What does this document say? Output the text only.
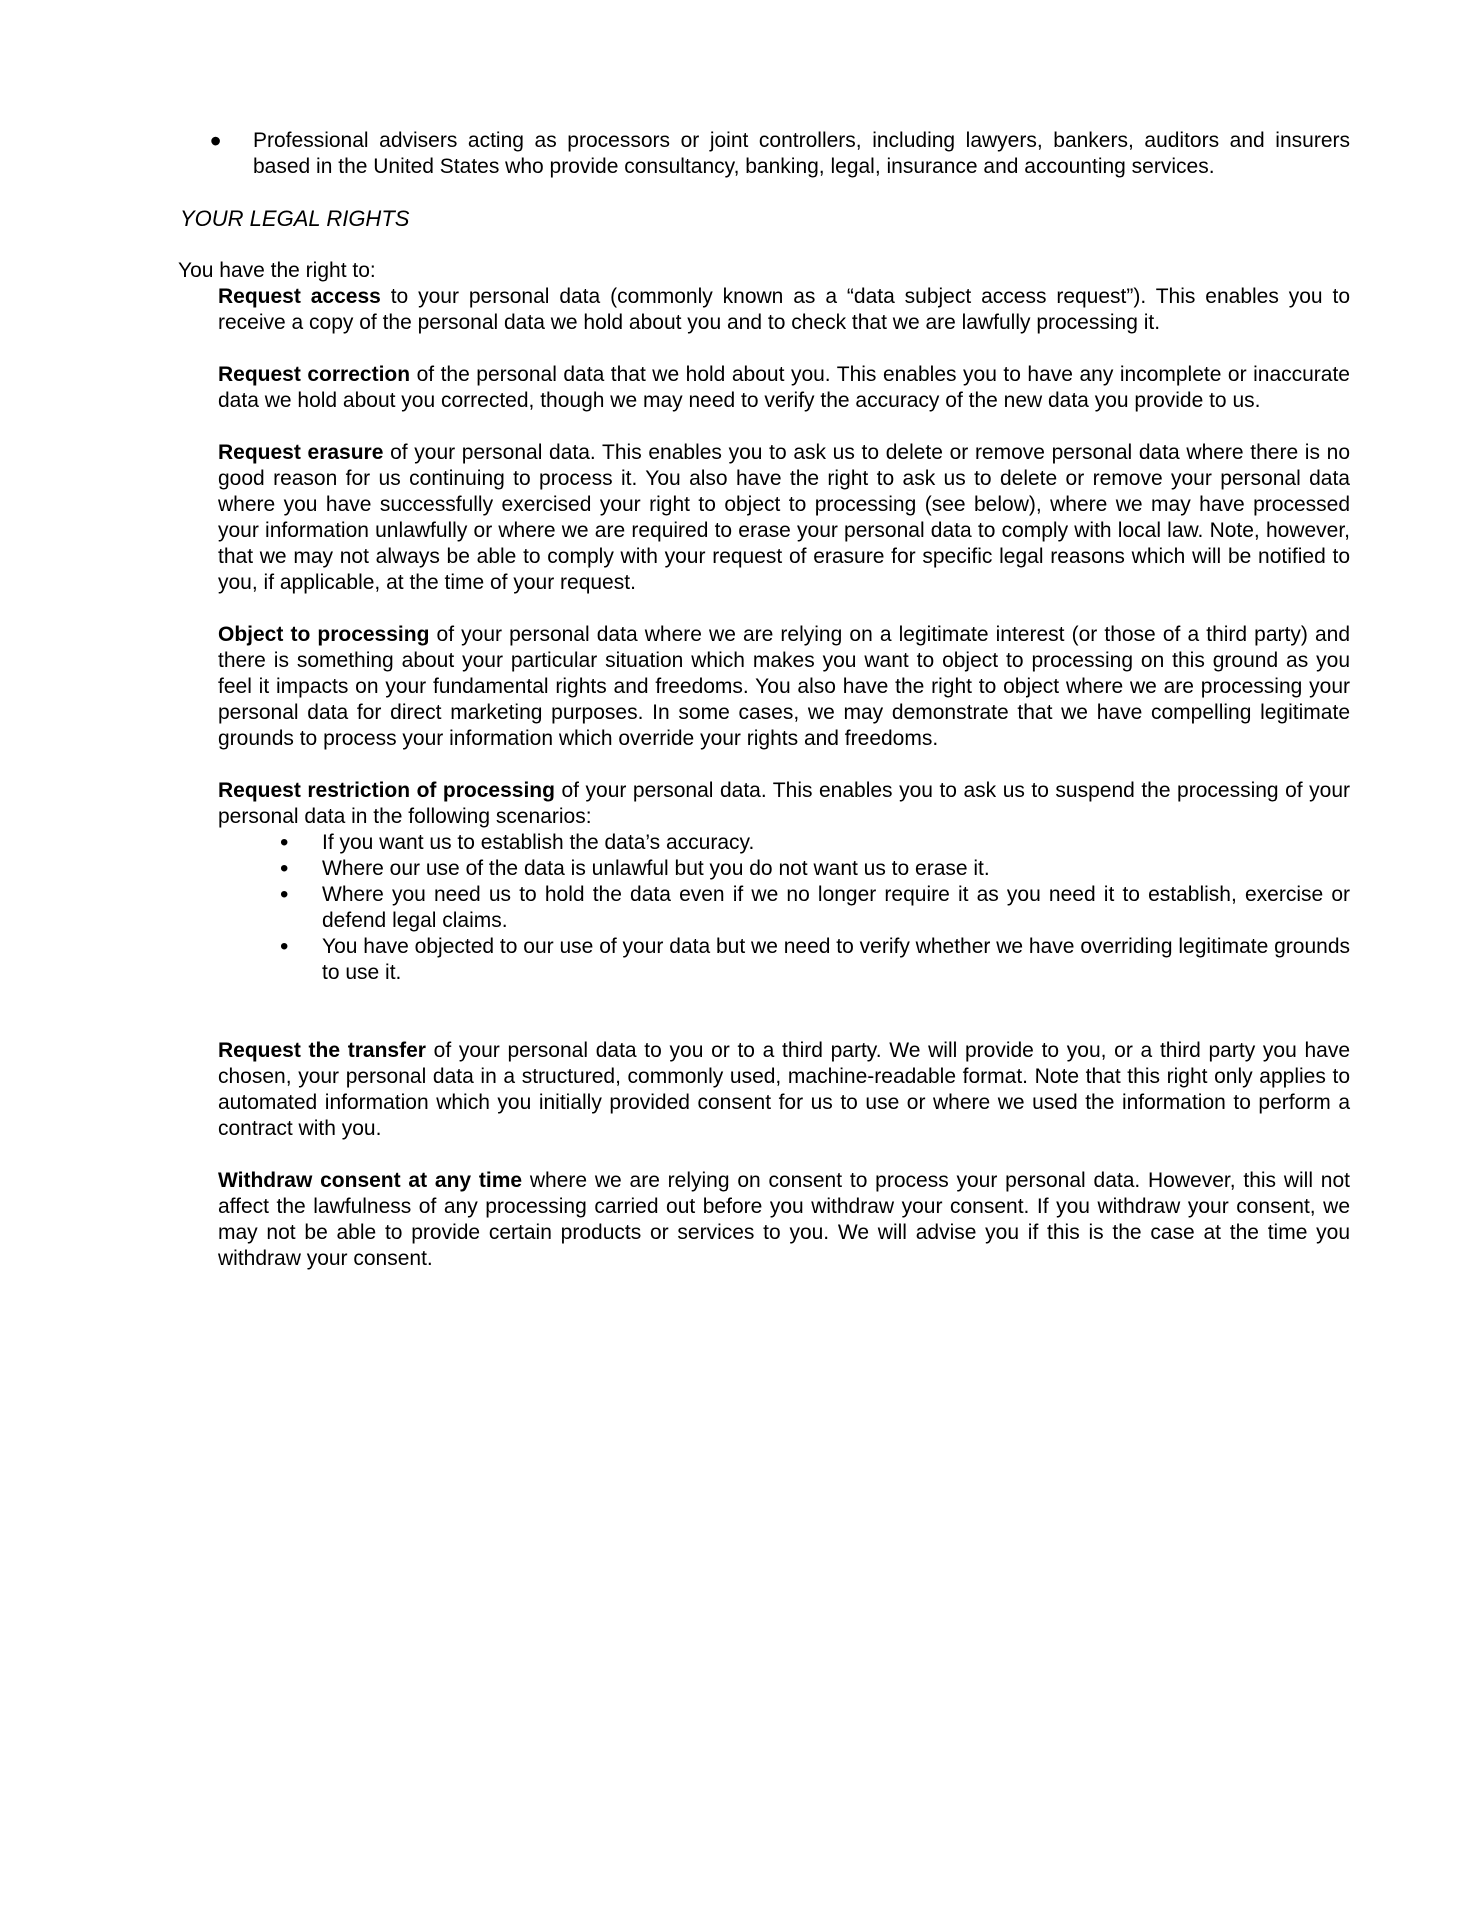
•	Professional advisers acting as processors or joint controllers, including lawyers, bankers, auditors and insurers based in the United States who provide consultancy, banking, legal, insurance and accounting services.

YOUR LEGAL RIGHTS

You have the right to:

Request access to your personal data (commonly known as a “data subject access request”). This enables you to receive a copy of the personal data we hold about you and to check that we are lawfully processing it.

Request correction of the personal data that we hold about you. This enables you to have any incomplete or inaccurate data we hold about you corrected, though we may need to verify the accuracy of the new data you provide to us.

Request erasure of your personal data. This enables you to ask us to delete or remove personal data where there is no good reason for us continuing to process it. You also have the right to ask us to delete or remove your personal data where you have successfully exercised your right to object to processing (see below), where we may have processed your information unlawfully or where we are required to erase your personal data to comply with local law. Note, however, that we may not always be able to comply with your request of erasure for specific legal reasons which will be notified to you, if applicable, at the time of your request.

Object to processing of your personal data where we are relying on a legitimate interest (or those of a third party) and there is something about your particular situation which makes you want to object to processing on this ground as you feel it impacts on your fundamental rights and freedoms. You also have the right to object where we are processing your personal data for direct marketing purposes. In some cases, we may demonstrate that we have compelling legitimate grounds to process your information which override your rights and freedoms.

Request restriction of processing of your personal data. This enables you to ask us to suspend the processing of your personal data in the following scenarios:

•	If you want us to establish the data’s accuracy.

•	Where our use of the data is unlawful but you do not want us to erase it.

•	Where you need us to hold the data even if we no longer require it as you need it to establish, exercise or defend legal claims.

•	You have objected to our use of your data but we need to verify whether we have overriding legitimate grounds to use it.

Request the transfer of your personal data to you or to a third party. We will provide to you, or a third party you have chosen, your personal data in a structured, commonly used, machine-readable format. Note that this right only applies to automated information which you initially provided consent for us to use or where we used the information to perform a contract with you.

Withdraw consent at any time where we are relying on consent to process your personal data. However, this will not affect the lawfulness of any processing carried out before you withdraw your consent. If you withdraw your consent, we may not be able to provide certain products or services to you. We will advise you if this is the case at the time you withdraw your consent.
